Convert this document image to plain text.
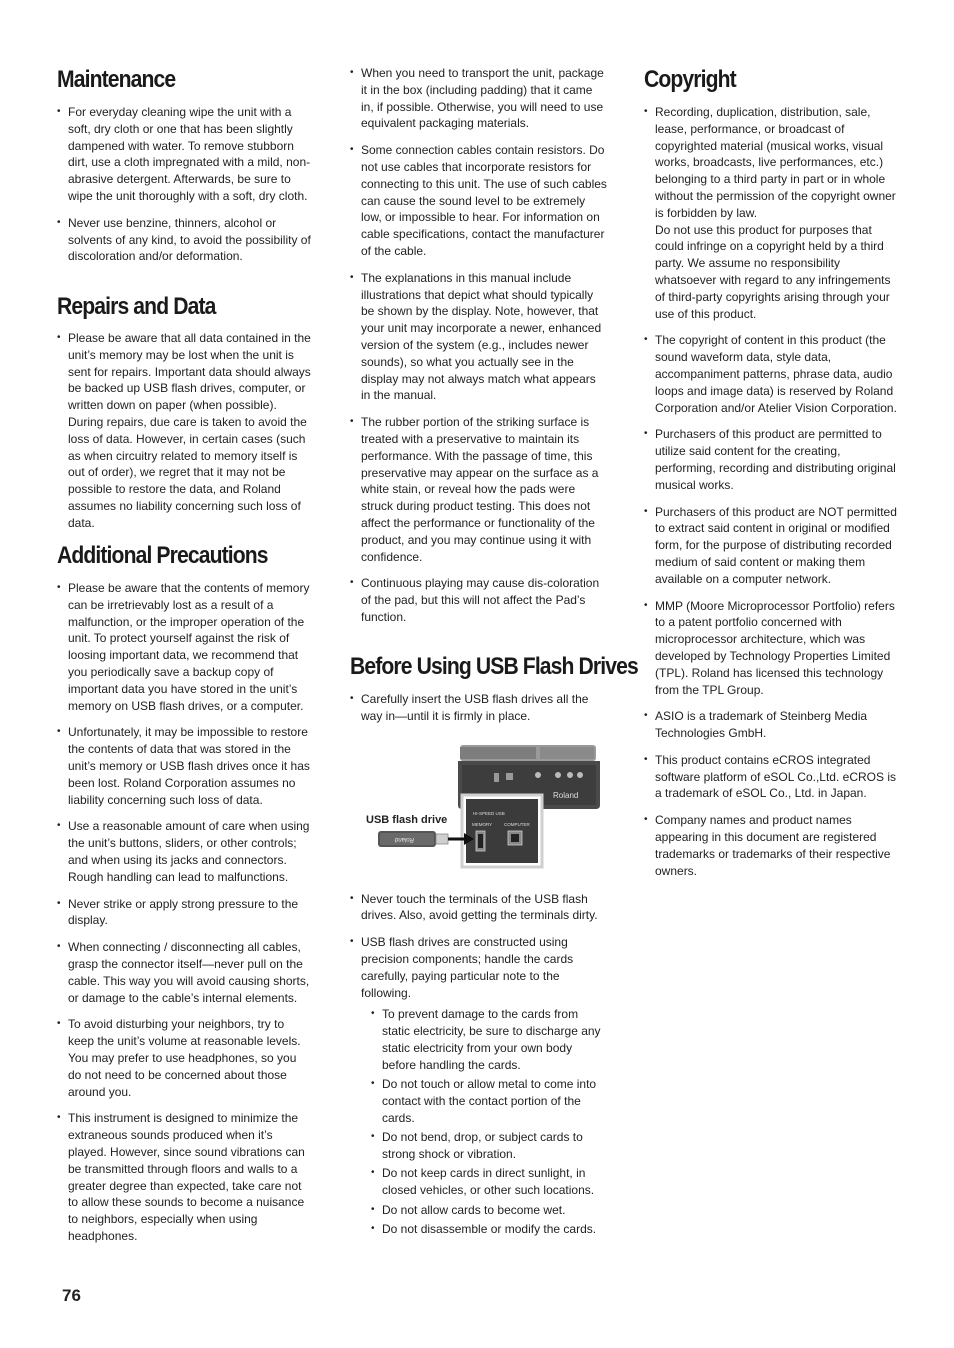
Maintenance
• For everyday cleaning wipe the unit with a soft, dry cloth or one that has been slightly dampened with water. To remove stubborn dirt, use a cloth impregnated with a mild, non-abrasive detergent. Afterwards, be sure to wipe the unit thoroughly with a soft, dry cloth.
• Never use benzine, thinners, alcohol or solvents of any kind, to avoid the possibility of discoloration and/or deformation.
Repairs and Data
• Please be aware that all data contained in the unit’s memory may be lost when the unit is sent for repairs. Important data should always be backed up USB flash drives, computer, or written down on paper (when possible). During repairs, due care is taken to avoid the loss of data. However, in certain cases (such as when circuitry related to memory itself is out of order), we regret that it may not be possible to restore the data, and Roland assumes no liability concerning such loss of data.
Additional Precautions
• Please be aware that the contents of memory can be irretrievably lost as a result of a malfunction, or the improper operation of the unit. To protect yourself against the risk of loosing important data, we recommend that you periodically save a backup copy of important data you have stored in the unit’s memory on USB flash drives, or a computer.
• Unfortunately, it may be impossible to restore the contents of data that was stored in the unit’s memory or USB flash drives once it has been lost. Roland Corporation assumes no liability concerning such loss of data.
• Use a reasonable amount of care when using the unit’s buttons, sliders, or other controls; and when using its jacks and connectors. Rough handling can lead to malfunctions.
• Never strike or apply strong pressure to the display.
• When connecting / disconnecting all cables, grasp the connector itself—never pull on the cable. This way you will avoid causing shorts, or damage to the cable’s internal elements.
• To avoid disturbing your neighbors, try to keep the unit’s volume at reasonable levels. You may prefer to use headphones, so you do not need to be concerned about those around you.
• This instrument is designed to minimize the extraneous sounds produced when it’s played. However, since sound vibrations can be transmitted through floors and walls to a greater degree than expected, take care not to allow these sounds to become a nuisance to neighbors, especially when using headphones.
• When you need to transport the unit, package it in the box (including padding) that it came in, if possible. Otherwise, you will need to use equivalent packaging materials.
• Some connection cables contain resistors. Do not use cables that incorporate resistors for connecting to this unit. The use of such cables can cause the sound level to be extremely low, or impossible to hear. For information on cable specifications, contact the manufacturer of the cable.
• The explanations in this manual include illustrations that depict what should typically be shown by the display. Note, however, that your unit may incorporate a newer, enhanced version of the system (e.g., includes newer sounds), so what you actually see in the display may not always match what appears in the manual.
• The rubber portion of the striking surface is treated with a preservative to maintain its performance. With the passage of time, this preservative may appear on the surface as a white stain, or reveal how the pads were struck during product testing. This does not affect the performance or functionality of the product, and you may continue using it with confidence.
• Continuous playing may cause dis-coloration of the pad, but this will not affect the Pad’s function.
Before Using USB Flash Drives
• Carefully insert the USB flash drives all the way in—until it is firmly in place.
Roland
HI-SPEED USB
MEMORY	COMPUTER
Roland
USB flash drive
• Never touch the terminals of the USB flash drives. Also, avoid getting the terminals dirty.
• USB flash drives are constructed using precision components; handle the cards carefully, paying particular note to the following.
• To prevent damage to the cards from static electricity, be sure to discharge any static electricity from your own body before handling the cards.
• Do not touch or allow metal to come into contact with the contact portion of the cards.
• Do not bend, drop, or subject cards to strong shock or vibration.
• Do not keep cards in direct sunlight, in closed vehicles, or other such locations.
• Do not allow cards to become wet.
• Do not disassemble or modify the cards.
Copyright
• Recording, duplication, distribution, sale, lease, performance, or broadcast of copyrighted material (musical works, visual works, broadcasts, live performances, etc.) belonging to a third party in part or in whole without the permission of the copyright owner is forbidden by law.
Do not use this product for purposes that could infringe on a copyright held by a third party. We assume no responsibility whatsoever with regard to any infringements of third-party copyrights arising through your use of this product.
• The copyright of content in this product (the sound waveform data, style data, accompaniment patterns, phrase data, audio loops and image data) is reserved by Roland Corporation and/or Atelier Vision Corporation.
• Purchasers of this product are permitted to utilize said content for the creating, performing, recording and distributing original musical works.
• Purchasers of this product are NOT permitted to extract said content in original or modified form, for the purpose of distributing recorded medium of said content or making them available on a computer network.
• MMP (Moore Microprocessor Portfolio) refers to a patent portfolio concerned with microprocessor architecture, which was developed by Technology Properties Limited (TPL). Roland has licensed this technology from the TPL Group.
• ASIO is a trademark of Steinberg Media Technologies GmbH.
• This product contains eCROS integrated software platform of eSOL Co.,Ltd. eCROS is a trademark of eSOL Co., Ltd. in Japan.
• Company names and product names appearing in this document are registered trademarks or trademarks of their respective owners.
76
